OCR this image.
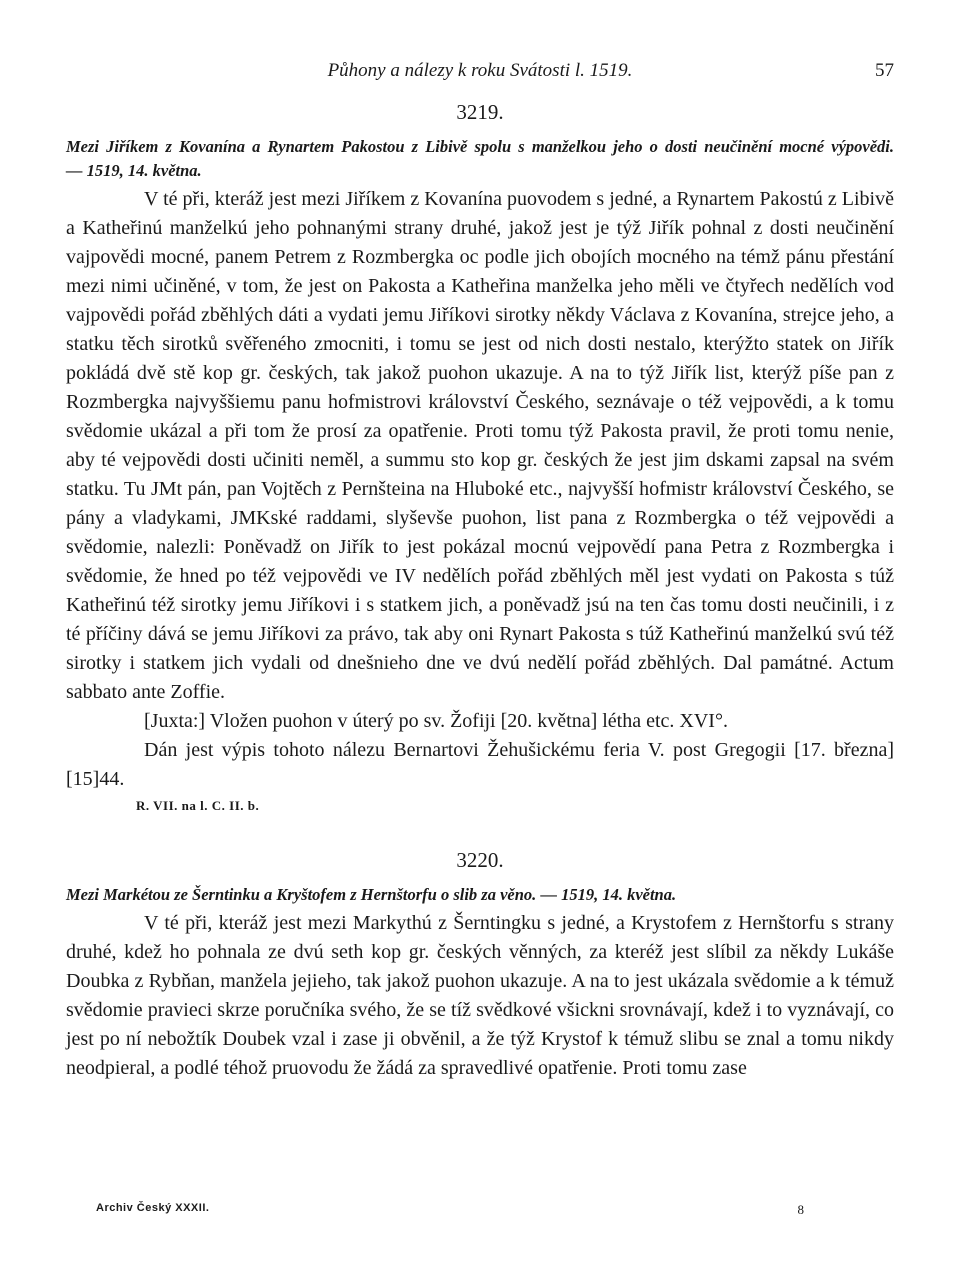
Půhony a nálezy k roku Svátosti l. 1519.	57
3219.

Mezi Jiříkem z Kovanína a Rynartem Pakostou z Libivě spolu s manželkou jeho o dosti neučinění mocné výpovědi. — 1519, 14. května.

V té při, kteráž jest mezi Jiříkem z Kovanína puovodem s jedné, a Rynartem Pakostú z Libivě a Katheřinú manželkú jeho pohnanými strany druhé, jakož jest je týž Jiřík pohnal z dosti neučinění vajpovědi mocné, panem Petrem z Rozmbergka oc podle jich obojích mocného na témž pánu přestání mezi nimi učiněné, v tom, že jest on Pakosta a Katheřina manželka jeho měli ve čtyřech nedělích vod vajpovědi pořád zběhlých dáti a vydati jemu Jiříkovi sirotky někdy Václava z Kovanína, strejce jeho, a statku těch sirotků svěřeného zmocniti, i tomu se jest od nich dosti nestalo, kterýžto statek on Jiřík pokládá dvě stě kop gr. českých, tak jakož puohon ukazuje. A na to týž Jiřík list, kterýž píše pan z Rozmbergka najvyššiemu panu hofmistrovi království Českého, seznávaje o též vejpovědi, a k tomu svědomie ukázal a při tom že prosí za opatřenie. Proti tomu týž Pakosta pravil, že proti tomu nenie, aby té vejpovědi dosti učiniti neměl, a summu sto kop gr. českých že jest jim dskami zapsal na svém statku. Tu JMt pán, pan Vojtěch z Pernšteina na Hluboké etc., najvyšší hofmistr království Českého, se pány a vladykami, JMKské raddami, slyševše puohon, list pana z Rozmbergka o též vejpovědi a svědomie, nalezli: Poněvadž on Jiřík to jest pokázal mocnú vejpovědí pana Petra z Rozmbergka i svědomie, že hned po též vejpovědi ve IV nedělích pořád zběhlých měl jest vydati on Pakosta s túž Katheřinú též sirotky jemu Jiříkovi i s statkem jich, a poněvadž jsú na ten čas tomu dosti neučinili, i z té příčiny dává se jemu Jiříkovi za právo, tak aby oni Rynart Pakosta s túž Katheřinú manželkú svú též sirotky i statkem jich vydali od dnešnieho dne ve dvú nedělí pořád zběhlých. Dal památné. Actum sabbato ante Zoffie.

[Juxta:] Vložen puohon v úterý po sv. Žofiji [20. května] létha etc. XVI°.

Dán jest výpis tohoto nálezu Bernartovi Žehušickému feria V. post Gregogii [17. března] [15]44.

R. VII. na l. C. II. b.
3220.

Mezi Markétou ze Šerntinku a Kryštofem z Hernštorfu o slib za věno. — 1519, 14. května.

V té při, kteráž jest mezi Markythú z Šerntingku s jedné, a Krystofem z Hernštorfu s strany druhé, kdež ho pohnala ze dvú seth kop gr. českých věnných, za kteréž jest slíbil za někdy Lukáše Doubka z Rybňan, manžela jejieho, tak jakož puohon ukazuje. A na to jest ukázala svědomie a k témuž svědomie pravieci skrze poručníka svého, že se tíž svědkové všickni srovnávají, kdež i to vyznávají, co jest po ní nebožtík Doubek vzal i zase ji obvěnil, a že týž Krystof k témuž slibu se znal a tomu nikdy neodpieral, a podlé téhož pruovodu že žádá za spravedlivé opatřenie. Proti tomu zase

Archiv Český XXXII.	8
